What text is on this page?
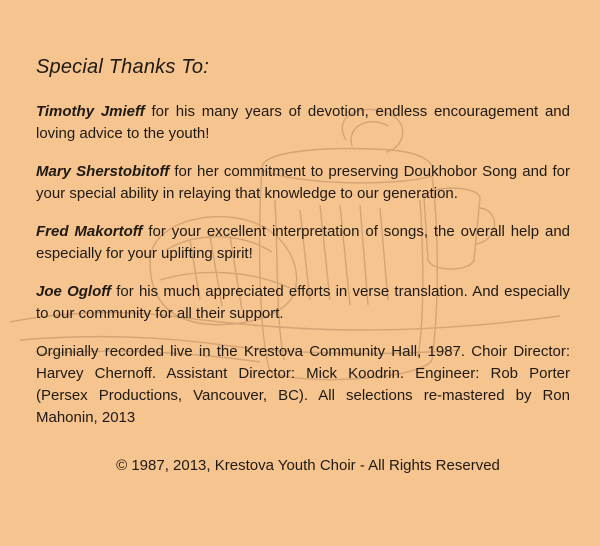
Special Thanks To:

Timothy Jmieff for his many years of devotion, endless encouragement and loving advice to the youth!

Mary Sherstobitoff for her commitment to preserving Doukhobor Song and for your special ability in relaying that knowledge to our generation.

Fred Makortoff for your excellent interpretation of songs, the overall help and especially for your uplifting spirit!

Joe Ogloff for his much appreciated efforts in verse translation. And especially to our community for all their support.

Orginially recorded live in the Krestova Community Hall, 1987. Choir Director: Harvey Chernoff. Assistant Director: Mick Koodrin. Engineer: Rob Porter (Persex Productions, Vancouver, BC). All selections re-mastered by Ron Mahonin, 2013

© 1987, 2013, Krestova Youth Choir - All Rights Reserved
